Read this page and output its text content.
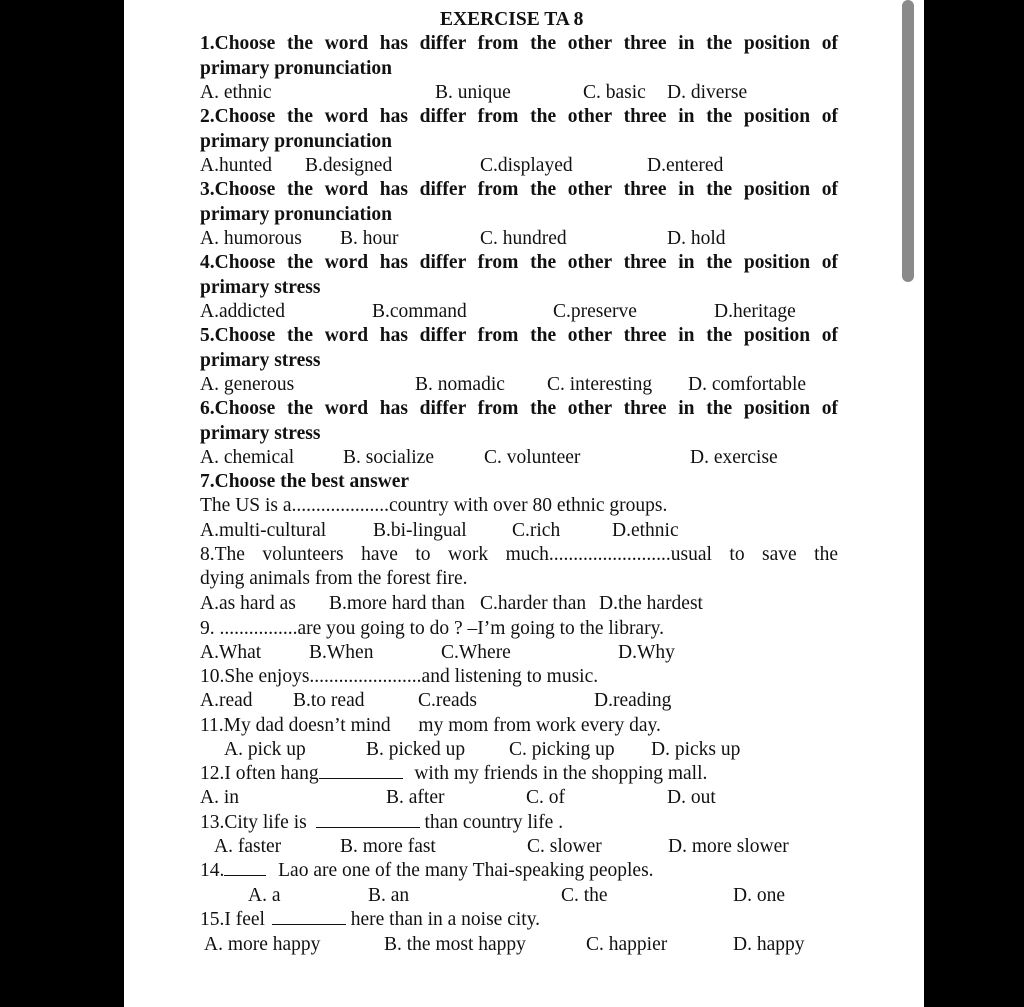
EXERCISE TA 8
1.Choose the word has differ from the other three in the position of
primary pronunciation
A. ethnic	B. unique	C. basic D. diverse
2.Choose the word has differ from the other three in the position of
primary pronunciation
A.hunted B.designed	C.displayed	D.entered
3.Choose the word has differ from the other three in the position of
primary pronunciation
A. humorous B. hour	C. hundred	D. hold
4.Choose the word has differ from the other three in the position of
primary stress
A.addicted	B.command	C.preserve	D.heritage
5.Choose the word has differ from the other three in the position of
primary stress
A. generous	B. nomadic C. interesting D. comfortable
6.Choose the word has differ from the other three in the position of
primary stress
A. chemical	B. socialize	C. volunteer	D. exercise
7.Choose the best answer
The US is a....................country with over 80 ethnic groups.
A.multi-cultural B.bi-lingual C.rich	D.ethnic
8.The volunteers have to work much.........................usual to save the
dying animals from the forest fire.
A.as hard as B.more hard than C.harder than D.the hardest
9. ................are you going to do ? –I’m going to the library.
A.What B.When	C.Where	D.Why
10.She enjoys.......................and listening to music.
A.read B.to read	C.reads	D.reading
11.My dad doesn’t mind my mom from work every day.
A. pick up	B. picked up C. picking up D. picks up
12.I often hang	with my friends in the shopping mall.
A. in	B. after	C. of	D. out
13.City life is	than country life .
A. faster	B. more fast	C. slower	D. more slower
14.	Lao are one of the many Thai-speaking peoples.
A. a	B. an	C. the	D. one
15.I feel	here than in a noise city.
A. more happy	B. the most happy	C. happier	D. happy
